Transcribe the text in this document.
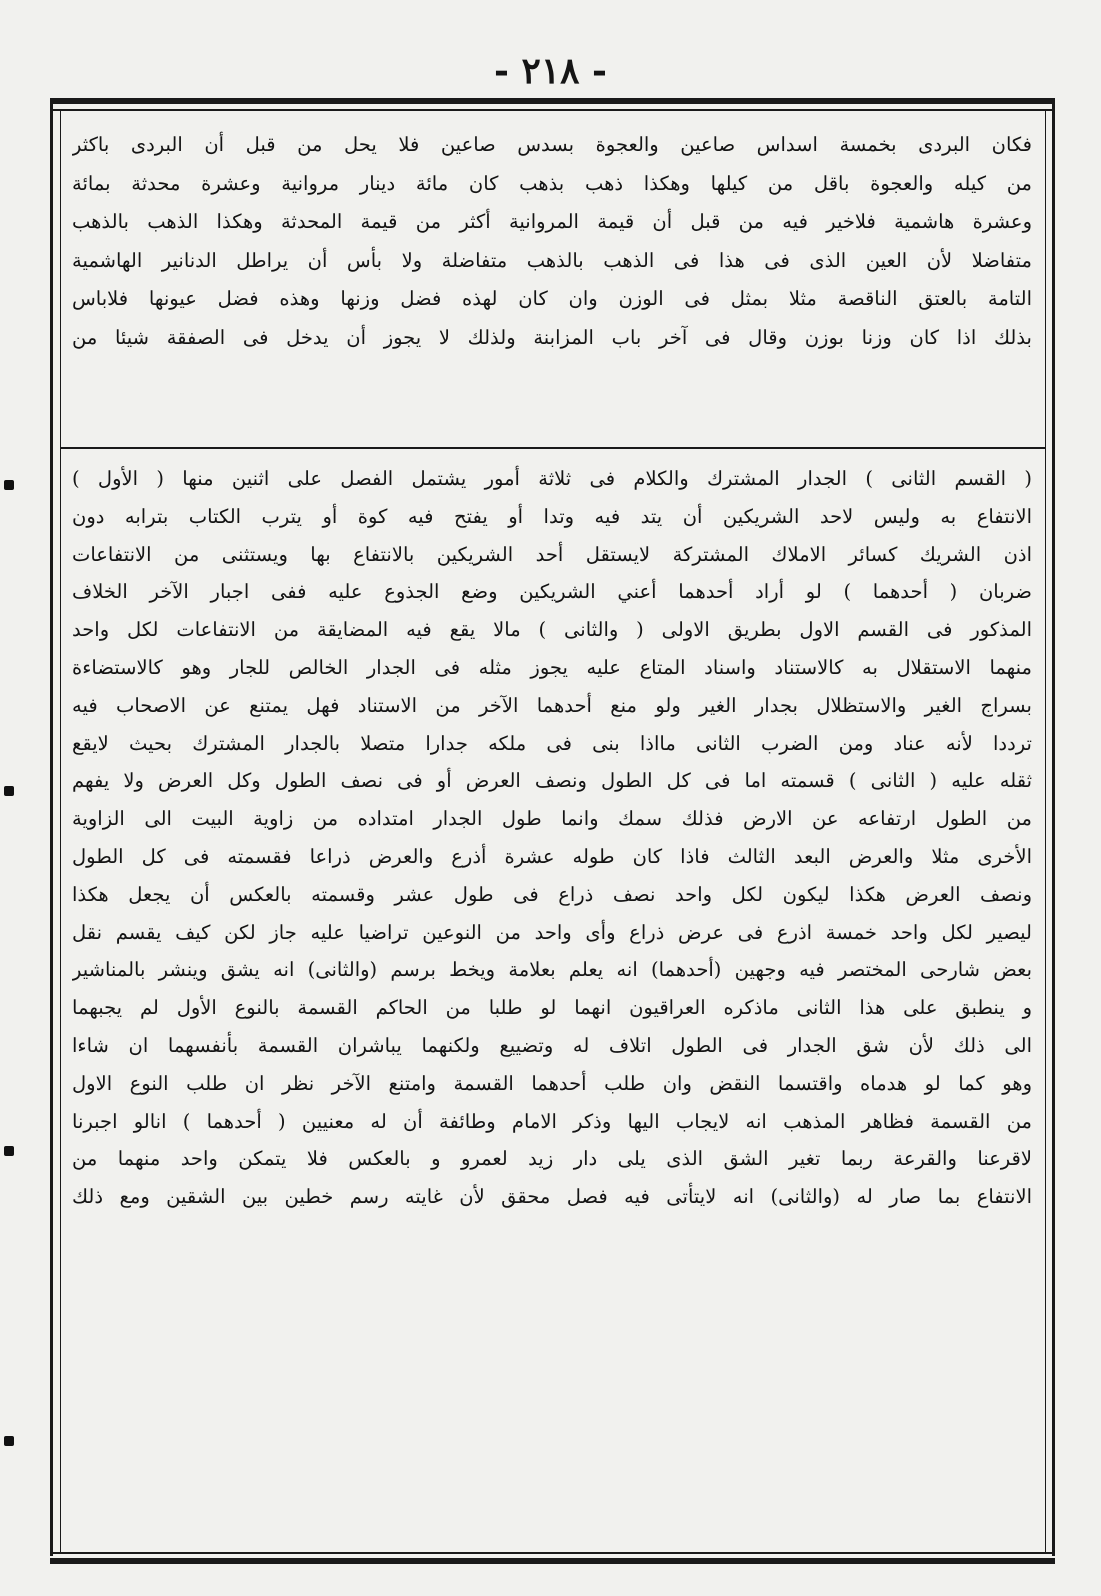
- ٢١٨ -
فكان البردى بخمسة اسداس صاعين والعجوة بسدس صاعين فلا يحل من قبل أن البردى باكثر
من كيله والعجوة باقل من كيلها وهكذا ذهب بذهب كان مائة دينار مروانية وعشرة محدثة بمائة
وعشرة هاشمية فلاخير فيه من قبل أن قيمة المروانية أكثر من قيمة المحدثة وهكذا الذهب بالذهب
متفاضلا لأن العين الذى فى هذا فى الذهب بالذهب متفاضلة ولا بأس أن يراطل الدنانير الهاشمية
التامة بالعتق الناقصة مثلا بمثل فى الوزن وان كان لهذه فضل وزنها وهذه فضل عيونها فلاباس
بذلك اذا كان وزنا بوزن وقال فى آخر باب المزابنة ولذلك لا يجوز أن يدخل فى الصفقة شيئا من
( القسم الثانى ) الجدار المشترك والكلام فى ثلاثة أمور يشتمل الفصل على اثنين منها ( الأول )
الانتفاع به وليس لاحد الشريكين أن يتد فيه وتدا أو يفتح فيه كوة أو يترب الكتاب بترابه دون
اذن الشريك كسائر الاملاك المشتركة لايستقل أحد الشريكين بالانتفاع بها ويستثنى من الانتفاعات
ضربان ( أحدهما ) لو أراد أحدهما أعني الشريكين وضع الجذوع عليه ففى اجبار الآخر الخلاف
المذكور فى القسم الاول بطريق الاولى ( والثانى ) مالا يقع فيه المضايقة من الانتفاعات لكل واحد
منهما الاستقلال به كالاستناد واسناد المتاع عليه يجوز مثله فى الجدار الخالص للجار وهو كالاستضاءة
بسراج الغير والاستظلال بجدار الغير ولو منع أحدهما الآخر من الاستناد فهل يمتنع عن الاصحاب فيه
ترددا لأنه عناد ومن الضرب الثانى مااذا بنى فى ملكه جدارا متصلا بالجدار المشترك بحيث لايقع
ثقله عليه ( الثانى ) قسمته اما فى كل الطول ونصف العرض أو فى نصف الطول وكل العرض ولا يفهم
من الطول ارتفاعه عن الارض فذلك سمك وانما طول الجدار امتداده من زاوية البيت الى الزاوية
الأخرى مثلا والعرض البعد الثالث فاذا كان طوله عشرة أذرع والعرض ذراعا فقسمته فى كل الطول
ونصف العرض هكذا ليكون لكل واحد نصف ذراع فى طول عشر وقسمته بالعكس أن يجعل هكذا
ليصير لكل واحد خمسة اذرع فى عرض ذراع وأى واحد من النوعين تراضيا عليه جاز لكن كيف يقسم نقل
بعض شارحى المختصر فيه وجهين (أحدهما) انه يعلم بعلامة ويخط برسم (والثانى) انه يشق وينشر بالمناشير
و ينطبق على هذا الثانى ماذكره العراقيون انهما لو طلبا من الحاكم القسمة بالنوع الأول لم يجبهما
الى ذلك لأن شق الجدار فى الطول اتلاف له وتضييع ولكنهما يباشران القسمة بأنفسهما ان شاءا
وهو كما لو هدماه واقتسما النقض وان طلب أحدهما القسمة وامتنع الآخر نظر ان طلب النوع الاول
من القسمة فظاهر المذهب انه لايجاب اليها وذكر الامام وطائفة أن له معنيين ( أحدهما ) انالو اجبرنا
لاقرعنا والقرعة ربما تغير الشق الذى يلى دار زيد لعمرو و بالعكس فلا يتمكن واحد منهما من
الانتفاع بما صار له (والثانى) انه لايتأتى فيه فصل محقق لأن غايته رسم خطين بين الشقين ومع ذلك
